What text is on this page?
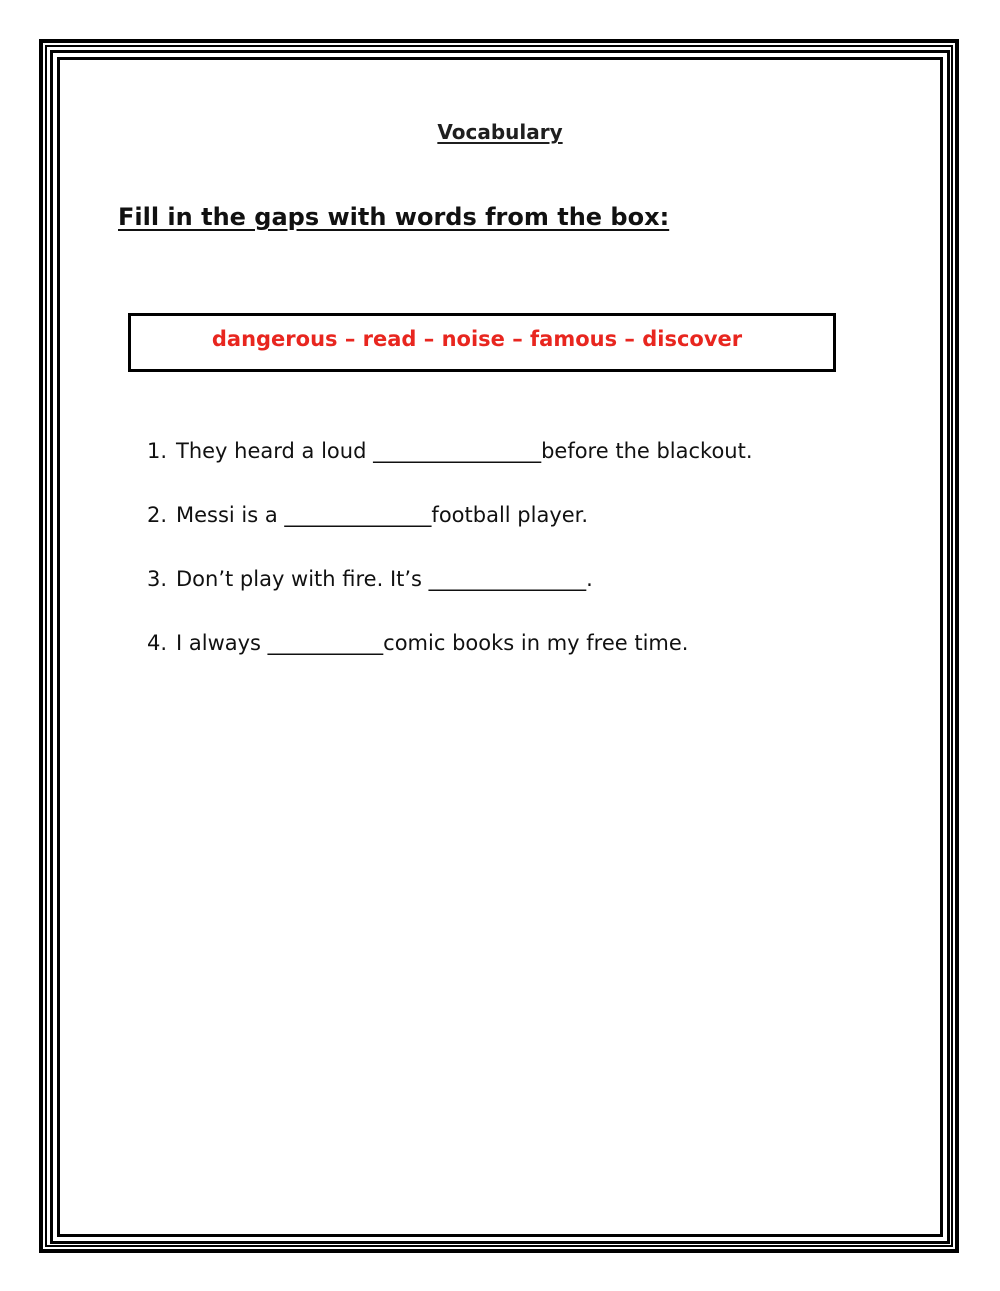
Vocabulary
Fill in the gaps with words from the box:
dangerous – read – noise – famous – discover
1. They heard a loud ________________before the blackout.
2. Messi is a ______________football player.
3. Don’t play with fire. It’s _______________.
4. I always ___________comic books in my free time.
